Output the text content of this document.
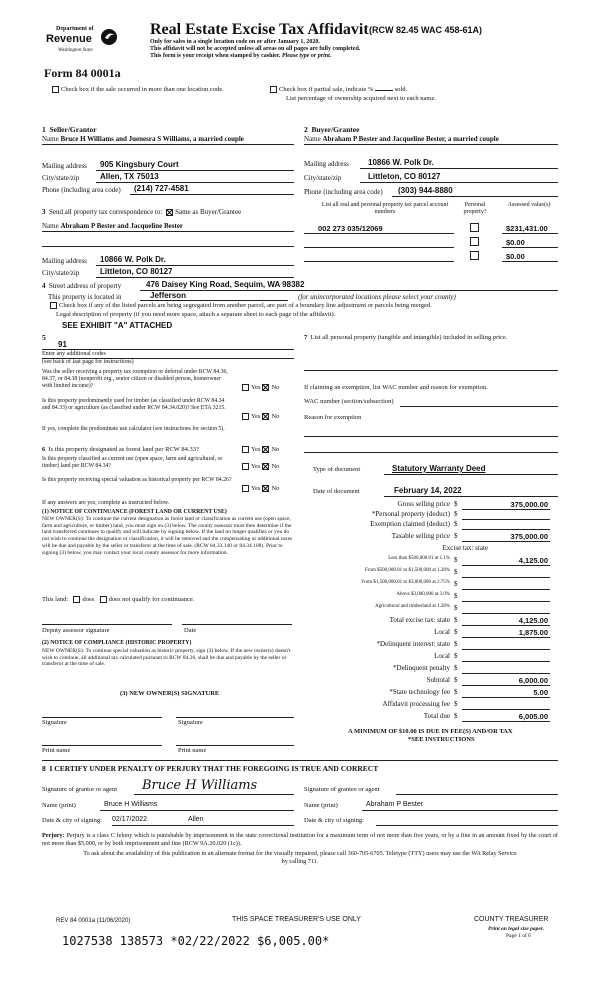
Department of
Revenue
Washington State
Real Estate Excise Tax Affidavit (RCW 82.45 WAC 458-61A)
Only for sales in a single location code on or after January 1, 2020.
This affidavit will not be accepted unless all areas on all pages are fully completed.
This form is your receipt when stamped by cashier. Please type or print.
Form 84 0001a
Check box if the sale occurred in more than one location code.	Check box if partial sale, indicate %	sold.
List percentage of ownership acquired next to each name.
1 Seller/Grantor
Name Bruce H Williams and Juenesra S Williams, a married couple
Mailing address 905 Kingsbury Court
City/state/zip	Allen, TX 75013
Phone (including area code) (214) 727-4581
2 Buyer/Grantee
Name Abraham P Bester and Jacqueline Bester, a married couple
Mailing address 10866 W. Polk Dr.
City/state/zip	Littleton, CO 80127
Phone (including area code) (303) 944-8880
3 Send all property tax correspondence to: Same as Buyer/Grantee
Name Abraham P Bester and Jacqueline Bester
Mailing address 10866 W. Polk Dr.
City/state/zip	Littleton, CO 80127
List all real and personal property tax parcel account numbers
Personal property?
Assessed value(s)
002 273 035/12069	$231,431.00
$0.00
$0.00
4 Street address of property	476 Daisey King Road, Sequim, WA 98382
This property is located in	Jefferson	(for unincorporated locations please select your county)
Check box if any of the listed parcels are being segregated from another parcel, are part of a boundary line adjustment or parcels being merged.
Legal description of property (if you need more space, attach a separate sheet to each page of the affidavit).
SEE EXHIBIT "A" ATTACHED
5
91
Enter any additional codes
(see back of last page for instructions)
Was the seller receiving a property tax exemption or deferral under RCW 84.36, 84.37, or 84.38 (nonprofit org., senior citizen or disabled person, homeowner with limited income)?	Yes No
Is this property predominantly used for timber (as classified under RCW 84.34 and 84.33) or agriculture (as classified under RCW 84.34.020)? See ETA 3215.
Yes No
If yes, complete the predominate use calculator (see instructions for section 5).
6 Is this property designated as forest land per RCW 84.33?	Yes No
Is this property classified as current use (open space, farm and agricultural, or timber) land per RCW 84.34?	Yes No
Is this property receiving special valuation as historical property per RCW 84.26?
Yes No
If any answers are yes, complete as instructed below.
(1) NOTICE OF CONTINUANCE (FOREST LAND OR CURRENT USE)
NEW OWNER(S): To continue the current designation as forest land or classification as current use (open space, farm and agriculture, or timber) land, you must sign on (3) below. The county assessor must then determine if the land transferred continues to qualify and will indicate by signing below. If the land no longer qualifies or you do not wish to continue the designation or classification, it will be removed and the compensating or additional taxes will be due and payable by the seller or transferor at the time of sale. (RCW 84.33.140 or 84.34.108). Prior to signing (3) below, you may contact your local county assessor for more information.
This land: does does not qualify for continuance.
Deputy assessor signature	Date
(2) NOTICE OF COMPLIANCE (HISTORIC PROPERTY)
NEW OWNER(S): To continue special valuation as historic property, sign (3) below. If the new owner(s) doesn't wish to continue, all additional tax calculated pursuant to RCW 84.26, shall be due and payable by the seller or transferor at the time of sale.
(3) NEW OWNER(S) SIGNATURE
Signature	Signature
Print name	Print name
7 List all personal property (tangible and intangible) included in selling price.
If claiming an exemption, list WAC number and reason for exemption.
WAC number (section/subsection)
Reason for exemption
Type of document	Statutory Warranty Deed
Date of document	February 14, 2022
Gross selling price $	375,000.00
*Personal property (deduct) $
Exemption claimed (deduct) $
Taxable selling price $	375,000.00
Excise tax: state
Less than $500,000.01 at 1.1% $	4,125.00
From $500,000.01 to $1,500,000 at 1.28% $
From $1,500,000.01 to $3,000,000 at 2.75% $
Above $3,000,000 at 3.0% $
Agricultural and timberland at 1.28% $
Total excise tax: state $	4,125.00
Local $	1,875.00
*Delinquent interest: state $
Local $
*Delinquent penalty $
Subtotal $	6,000.00
*State technology fee $	5.00
Affidavit processing fee $
Total due $	6,005.00
A MINIMUM OF $10.00 IS DUE IN FEE(S) AND/OR TAX
*SEE INSTRUCTIONS
8 I CERTIFY UNDER PENALTY OF PERJURY THAT THE FOREGOING IS TRUE AND CORRECT
Signature of grantor or agent Bruce H Williams	Signature of grantee or agent
Name (print)	Bruce H Williams	Name (print)	Abraham P Bester
Date & city of signing: 02/17/2022	Allen	Date & city of signing:
Perjury: Perjury is a class C felony which is punishable by imprisonment in the state correctional institution for a maximum term of not more than five years, or by a fine in an amount fixed by the court of not more than $5,000, or by both imprisonment and fine (RCW 9A.20.020 (1c)).
To ask about the availability of this publication in an alternate format for the visually impaired, please call 360-705-6705. Teletype (TTY) users may use the WA Relay Service by calling 711.
REV 84 0001a (11/06/2020)	THIS SPACE TREASURER'S USE ONLY	COUNTY TREASURER
Print on legal size paper.
Page 1 of 6
1027538 138573 *02/22/2022 $6,005.00*
